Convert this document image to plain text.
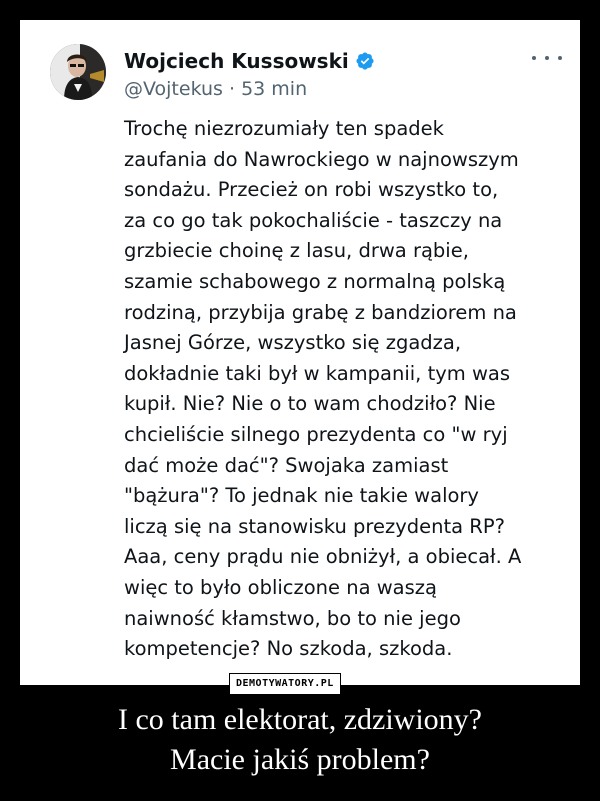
Wojciech Kussowski
@Vojtekus · 53 min
Trochę niezrozumiały ten spadek
zaufania do Nawrockiego w najnowszym
sondażu. Przecież on robi wszystko to,
za co go tak pokochaliście - taszczy na
grzbiecie choinę z lasu, drwa rąbie,
szamie schabowego z normalną polską
rodziną, przybija grabę z bandziorem na
Jasnej Górze, wszystko się zgadza,
dokładnie taki był w kampanii, tym was
kupił. Nie? Nie o to wam chodziło? Nie
chcieliście silnego prezydenta co "w ryj
dać może dać"? Swojaka zamiast
"bążura"? To jednak nie takie walory
liczą się na stanowisku prezydenta RP?
Aaa, ceny prądu nie obniżył, a obiecał. A
więc to było obliczone na waszą
naiwność kłamstwo, bo to nie jego
kompetencje? No szkoda, szkoda.
DEMOTYWATORY.PL
I co tam elektorat, zdziwiony?
Macie jakiś problem?
